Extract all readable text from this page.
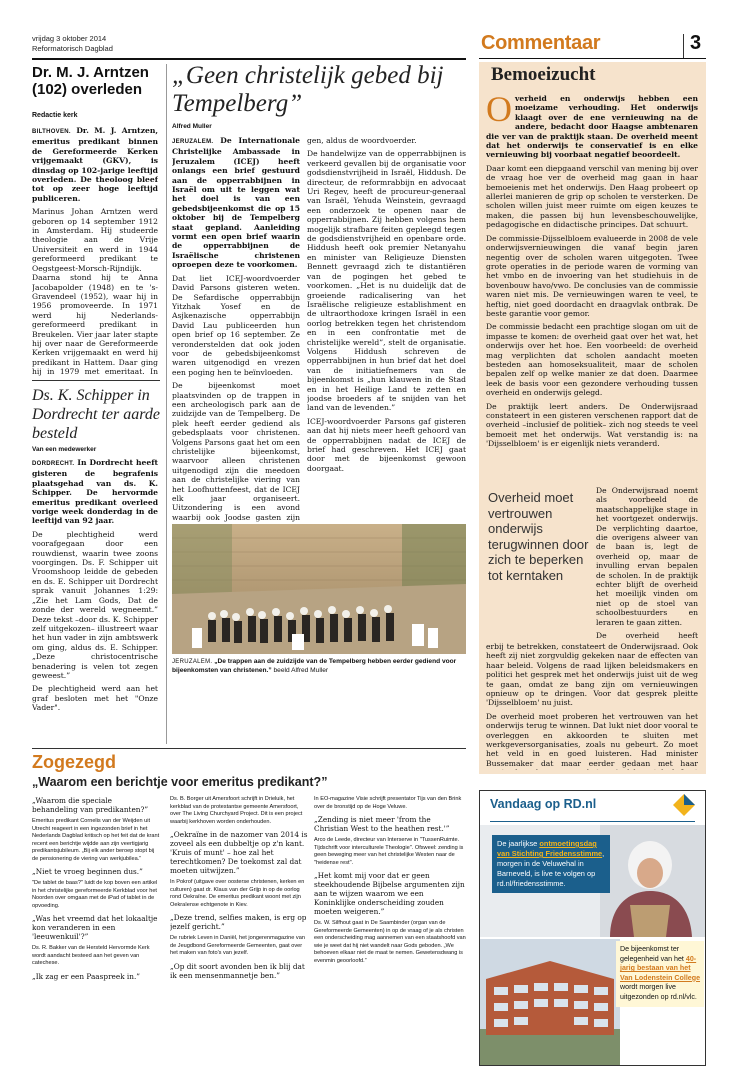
vrijdag 3 oktober 2014
Reformatorisch Dagblad	Commentaar	3
Dr. M. J. Arntzen (102) overleden
Redactie kerk

BILTHOVEN. Dr. M. J. Arntzen, emeritus predikant binnen de Gereformeerde Kerken vrijgemaakt (GKV), is dinsdag op 102-jarige leeftijd overleden. De theoloog bleef tot op zeer hoge leeftijd publiceren.

Marinus Johan Arntzen werd geboren op 14 september 1912 in Amsterdam. Hij studeerde theologie aan de Vrije Universiteit en werd in 1944 gereformeerd predikant te Oegstgeest-Morsch-Rijndijk. Daarna stond hij te Anna Jacobapolder (1948) en te 's-Gravendeel (1952), waar hij in 1956 promoveerde. In 1971 werd hij Nederlands-gereformeerd predikant in Breukelen. Vier jaar later stapte hij over naar de Gereformeerde Kerken vrijgemaakt en werd hij predikant in Hattem. Daar ging hij in 1979 met emeritaat. In

Ds. K. Schipper in Dordrecht ter aarde besteld
Van een medewerker

DORDRECHT. In Dordrecht heeft gisteren de begrafenis plaatsgehad van ds. K. Schipper. De hervormde emeritus predikant overleed vorige week donderdag in de leeftijd van 92 jaar.

De plechtigheid werd voorafgegaan door een rouwdienst, waarin twee zoons voorgingen. Ds. F. Schipper uit Vroomshoop leidde de gebeden en ds. E. Schipper uit Dordrecht sprak vanuit Johannes 1:29: „Zie het Lam Gods, Dat de zonde der wereld wegneemt.” Deze tekst –door ds. K. Schipper zelf uitgekozen– illustreert waar het hun vader in zijn ambtswerk om ging, aldus ds. E. Schipper. „Deze christocentrische benadering is velen tot zegen geweest.”

De plechtigheid werd aan het graf besloten met het "Onze Vader".

„Geen christelijk gebed bij Tempelberg”
Alfred Muller

JERUZALEM. De Internationale Christelijke Ambassade in Jeruzalem (ICEJ) heeft onlangs een brief gestuurd aan de opperrabbijnen in Israël om uit te leggen wat het doel is van een gebedsbijeenkomst die op 15 oktober bij de Tempelberg staat gepland. Aanleiding vormt een open brief waarin de opperrabbijnen de Israëlische christenen oproepen deze te voorkomen.

Dat liet ICEJ-woordvoerder David Parsons gisteren weten. De Sefardische opperrabbijn Yitzhak Yosef en de Asjkenazische opperrabbijn David Lau publiceerden hun open brief op 16 september. Ze veronderstelden dat ook joden voor de gebedsbijeenkomst waren uitgenodigd en vrezen een poging hen te beïnvloeden.

De bijeenkomst moet plaatsvinden op de trappen in een archeologisch park aan de zuidzijde van de Tempelberg. De plek heeft eerder gediend als gebedsplaats voor christenen. Volgens Parsons gaat het om een christelijke bijeenkomst, waarvoor alleen christenen uitgenodigd zijn die meedoen aan de christelijke viering van het Loofhuttenfeest, dat de ICEJ elk jaar organiseert. Uitzondering is een avond waarbij ook Joodse gasten zijn

gen, aldus de woordvoerder.

De handelwijze van de opperrabbijnen is verkeerd gevallen bij de organisatie voor godsdienstvrijheid in Israël, Hiddush. De directeur, de reformrabbijn en advocaat Uri Regev, heeft de procureur-generaal van Israël, Yehuda Weinstein, gevraagd een onderzoek te openen naar de opperrabbijnen. Zij hebben volgens hem mogelijk strafbare feiten gepleegd tegen de godsdienstvrijheid en openbare orde. Hiddush heeft ook premier Netanyahu en minister van Religieuze Diensten Bennett gevraagd zich te distantiëren van de pogingen het gebed te voorkomen. „Het is nu duidelijk dat de groeiende radicalisering van het Israëlische religieuze establishment en de ultraorthodoxe kringen Israël in een oorlog betrekken tegen het christendom en in een confrontatie met de christelijke wereld”, stelt de organisatie. Volgens Hiddush schreven de opperrabbijnen in hun brief dat het doel van de initiatiefnemers van de bijeenkomst is „hun klauwen in de Stad en in het Heilige Land te zetten en joodse broeders af te snijden van het land van de levenden.”

ICEJ-woordvoerder Parsons gaf gisteren aan dat hij niets meer heeft gehoord van de opperrabbijnen nadat de ICEJ de brief had geschreven. Het ICEJ gaat door met de bijeenkomst gewoon doorgaat.

JERUZALEM. „De trappen aan de zuidzijde van de Tempelberg hebben eerder gediend voor bijeenkomsten van christenen.” beeld Alfred Muller
Bemoeizucht

Overheid en onderwijs hebben een moeizame verhouding. Het onderwijs klaagt over de ene vernieuwing na de andere, bedacht door Haagse ambtenaren die ver van de praktijk staan. De overheid meent dat het onderwijs te conservatief is en elke vernieuwing bij voorbaat negatief beoordeelt.

Daar komt een diepgaand verschil van mening bij over de vraag hoe ver de overheid mag gaan in haar bemoeienis met het onderwijs. Den Haag probeert op allerlei manieren de grip op scholen te versterken. De scholen willen juist meer ruimte om eigen keuzes te maken, die passen bij hun levensbeschouwelijke, pedagogische en didactische principes. Dat schuurt.

De commissie-Dijsselbloem evalueerde in 2008 de vele onderwijsvernieuwingen die vanaf begin jaren negentig over de scholen waren uitgegoten. Twee grote operaties in de periode waren de vorming van het vmbo en de invoering van het studiehuis in de bovenbouw havo/vwo. De conclusies van de commissie waren niet mis. De vernieuwingen waren te veel, te heftig, niet goed doordacht en draagvlak ontbrak. De beste garantie voor gemor.

De commissie bedacht een prachtige slogan om uit de impasse te komen: de overheid gaat over het wat, het onderwijs over het hoe. Een voorbeeld: de overheid mag verplichten dat scholen aandacht moeten besteden aan homoseksualiteit, maar de scholen bepalen zelf op welke manier ze dat doen. Daarmee leek de basis voor een gezondere verhouding tussen overheid en onderwijs gelegd.

De praktijk leert anders. De Onderwijsraad constateert in een gisteren verschenen rapport dat de overheid –inclusief de politiek– zich nog steeds te veel bemoeit met het onderwijs. Wat verstandig is: na 'Dijsselbloem' is er eigenlijk niets veranderd.

Overheid moet vertrouwen onderwijs terugwinnen door zich te beperken tot kerntaken

De Onderwijsraad noemt als voorbeeld de maatschappelijke stage in het voortgezet onderwijs. De verplichting daartoe, die overigens alweer van de baan is, legt de overheid op, maar de invulling ervan bepalen de scholen. In de praktijk echter blijft de overheid het moeilijk vinden om niet op de stoel van schoolbestuurders en leraren te gaan zitten.

De overheid heeft

erbij te betrekken, constateert de Onderwijsraad. Ook heeft zij niet zorgvuldig gekeken naar de effecten van haar beleid. Volgens de raad lijken beleidsmakers en politici het gesprek met het onderwijs juist uit de weg te gaan, omdat ze bang zijn om vernieuwingen opnieuw op te dringen. Voor dat gesprek pleitte 'Dijsselbloem' nu juist.

De overheid moet proberen het vertrouwen van het onderwijs terug te winnen. Dat lukt niet door vooral te overleggen en akkoorden te sluiten met werkgeversorganisaties, zoals nu gebeurt. Zo moet het veld in en goed luisteren. Had minister Bussemaker dat maar eerder gedaan met haar

Zogezegd
„Waarom een berichtje voor emeritus predikant?”

„Waarom die speciale behandeling van predikanten?”

Emeritus predikant Cornelis van der Weijden uit Utrecht reageert in een ingezonden brief in het Nederlands Dagblad kritisch op het feit dat de krant recent een berichtje wijdde aan zijn veertigjarig predikantsjubileum. „Bij elk ander beroep stopt bij de pensionering de viering van werkjubilea.”

„Niet te vroeg beginnen dus.”

"De tablet de baas?" luidt de kop boven een artikel in het christelijke gereformeerde Kerkblad voor het Noorden over omgaan met de iPad of tablet in de opvoeding.

„Was het vreemd dat het lokaaltje kon veranderen in een 'leeuwenkuil'?”

Ds. R. Bakker van de Hersteld Hervormde Kerk wordt aandacht besteed aan het geven van catechese.

„Ik zag er een Paaspreek in.”

Ds. B. Borger uit Amersfoort schrijft in Drieluik, het kerkblad van de protestantse gemeente Amersfoort, over The Living Churchyard Project. Dit is een project waarbij kerkhoven worden onderhouden.

„Oekraïne in de nazomer van 2014 is zoveel als een dubbeltje op z'n kant. 'Kruis of munt' – hoe zal het terechtkomen? De toekomst zal dat moeten uitwijzen.”

In Pokrof (uitgave over oosterse christenen, kerken en culturen) gaat dr. Klaus van der Grijp in op de oorlog rond Oekraïne. De emeritus predikant woont met zijn Oekraïense echtgenote in Kiev.

„Deze trend, selfies maken, is erg op jezelf gericht.”

De rubriek Leven in Daniël, het jongerenmagazine van de Jeugdbond Gereformeerde Gemeenten, gaat over het maken van foto's van jezelf.

„Op dit soort avonden ben ik blij dat ik een mensenmannetje ben.”

In EO-magazine Visie schrijft presentator Tijs van den Brink over de bronstijd op de Hoge Veluwe.

„Zending is niet meer 'from the Christian West to the heathen rest.'”

Arco de Leede, directeur van Interserve in "TussenRuimte. Tijdschrift voor interculturele Theologie". Ofsweel: zending is geen beweging meer van het christelijke Westen naar de "heidense rest".

„Het komt mij voor dat er geen steekhoudende Bijbelse argumenten zijn aan te wijzen waarom we een Koninklijke onderscheiding zouden moeten weigeren.”

Ds. W. Silfhout gaat in De Saambinder (organ van de Gereformeerde Gemeenten) in op de vraag of je als christen een onderscheiding mag aannemen van een staatshoofd van wie je weet dat hij niet wandelt naar Gods geboden. „We behoeven elkaar niet de maat te nemen. Gewetensdwang is evenmin geoorloofd.”

Vandaag op RD.nl
De jaarlijkse ontmoetingsdag van Stichting Friedensstimme, morgen in de Veluwehal in Barneveld, is live te volgen op rd.nl/friedensstimme.
De bijeenkomst ter gelegenheid van het 40-jarig bestaan van het Van Lodenstein College wordt morgen live uitgezonden op rd.nl/vlc.
